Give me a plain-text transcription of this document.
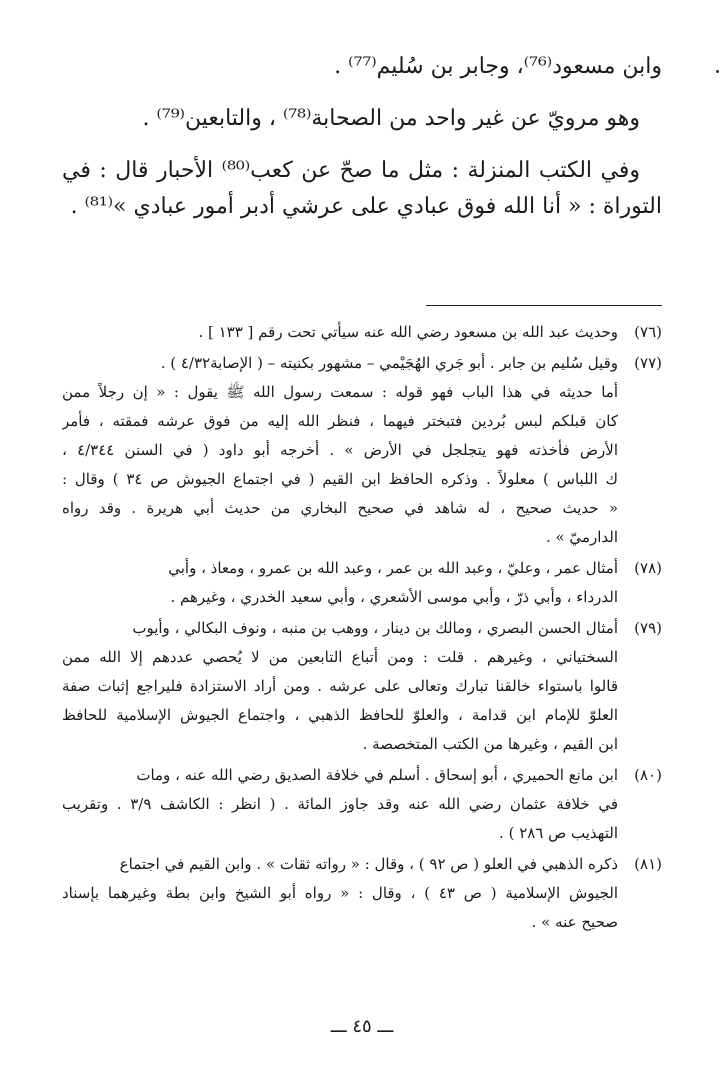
وابن مسعود⁽⁷⁶⁾، وجابر بن سُليم⁽⁷⁷⁾ .
وهو مرويّ عن غير واحد من الصحابة⁽⁷⁸⁾ ، والتابعين⁽⁷⁹⁾ .
وفي الكتب المنزلة : مثل ما صحّ عن كعب⁽⁸⁰⁾ الأحبار قال : في
التوراة : « أنا الله فوق عبادي على عرشي أدبر أمور عبادي »⁽⁸¹⁾ .
(٧٦)وحديث عبد الله بن مسعود رضي الله عنه سيأتي تحت رقم [ ١٣٣ ] .
(٧٧)وقيل سُليم بن جابر . أبو جَري الهُجَيْمي – مشهور بكنيته – ( الإصابة٤/٣٢ ) .
أما حديثه في هذا الباب فهو قوله : سمعت رسول الله ﷺ يقول : « إن رجلاً ممن
كان قبلكم لبس بُردين فتبختر فيهما ، فنظر الله إليه من فوق عرشه فمقته ، فأمر
الأرض فأخذته فهو يتجلجل في الأرض » . أخرجه أبو داود ( في السنن ٤/٣٤٤ ،
ك اللباس ) معلولاً . وذكره الحافظ ابن القيم ( في اجتماع الجيوش ص ٣٤ ) وقال :
« حديث صحيح ، له شاهد في صحيح البخاري من حديث أبي هريرة . وقد رواه
الدارميّ » .
(٧٨)أمثال عمر ، وعليّ ، وعبد الله بن عمر ، وعبد الله بن عمرو ، ومعاذ ، وأبي
الدرداء ، وأبي ذرّ ، وأبي موسى الأشعري ، وأبي سعيد الخدري ، وغيرهم .
(٧٩)أمثال الحسن البصري ، ومالك بن دينار ، ووهب بن منبه ، ونوف البكالي ، وأيوب
السختياني ، وغيرهم . قلت : ومن أتباع التابعين من لا يُحصي عددهم إلا الله ممن
قالوا باستواء خالقنا تبارك وتعالى على عرشه . ومن أراد الاستزادة فليراجع إثبات صفة
العلوّ للإمام ابن قدامة ، والعلوّ للحافظ الذهبي ، واجتماع الجيوش الإسلامية للحافظ
ابن القيم ، وغيرها من الكتب المتخصصة .
(٨٠)ابن مانع الحميري ، أبو إسحاق . أسلم في خلافة الصديق رضي الله عنه ، ومات
في خلافة عثمان رضي الله عنه وقد جاوز المائة . ( انظر : الكاشف ٣/٩ . وتقريب
التهذيب ص ٢٨٦ ) .
(٨١)ذكره الذهبي في العلو ( ص ٩٢ ) ، وقال : « رواته ثقات » . وابن القيم في اجتماع
الجيوش الإسلامية ( ص ٤٣ ) ، وقال : « رواه أبو الشيخ وابن بطة وغيرهما بإسناد
صحيح عنه » .
ـــ ٤٥ ـــ
